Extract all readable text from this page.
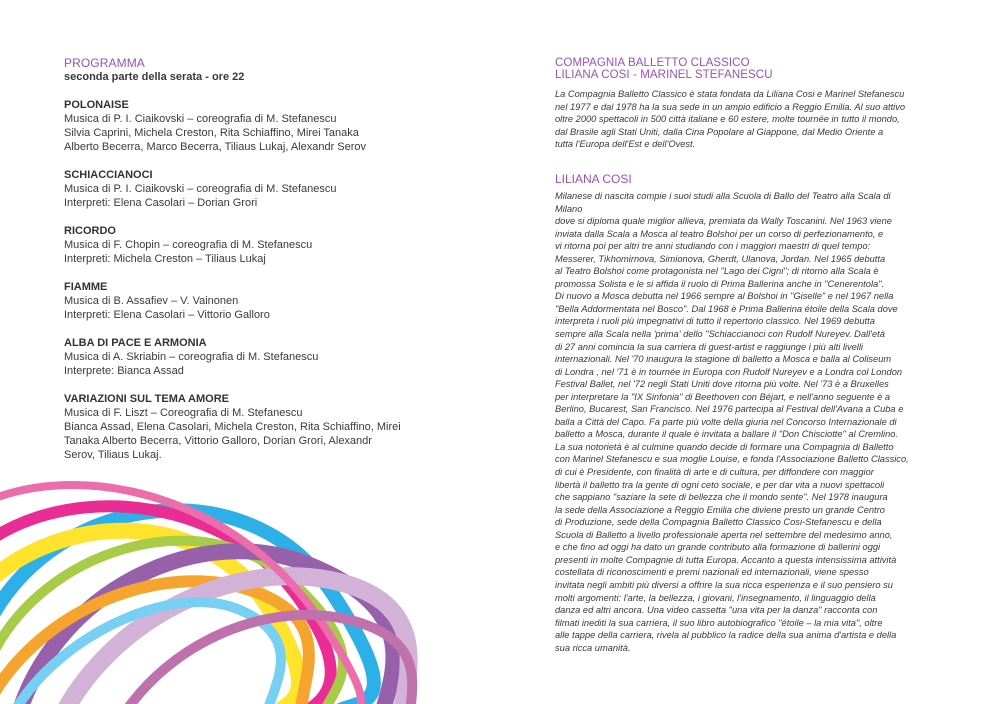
PROGRAMMA
seconda parte della serata - ore 22
POLONAISE
Musica di P. I. Ciaikovski – coreografia di M. Stefanescu
Silvia Caprini, Michela Creston, Rita Schiaffino, Mirei Tanaka
Alberto Becerra, Marco Becerra, Tiliaus Lukaj, Alexandr Serov
SCHIACCIANOCI
Musica di P. I. Ciaikovski – coreografia di M. Stefanescu
Interpreti: Elena Casolari – Dorian Grori
RICORDO
Musica di F. Chopin – coreografia di M. Stefanescu
Interpreti: Michela Creston – Tiliaus Lukaj
FIAMME
Musica di B. Assafiev – V. Vainonen
Interpreti: Elena Casolari – Vittorio Galloro
ALBA DI PACE E ARMONIA
Musica di A. Skriabin – coreografia di M. Stefanescu
Interprete: Bianca Assad
VARIAZIONI SUL TEMA AMORE
Musica di F. Liszt – Coreografia di M. Stefanescu
Bianca Assad, Elena Casolari, Michela Creston, Rita Schiaffino, Mirei
Tanaka Alberto Becerra, Vittorio Galloro, Dorian Grori, Alexandr
Serov, Tiliaus Lukaj.
COMPAGNIA BALLETTO CLASSICO
LILIANA COSI - MARINEL STEFANESCU
La Compagnia Balletto Classico è stata fondata da Liliana Cosi e Marinel Stefanescu
nel 1977 e dal 1978 ha la sua sede in un ampio edificio a Reggio Emilia. Al suo attivo
oltre 2000 spettacoli in 500 città italiane e 60 estere, molte tournée in tutto il mondo,
dal Brasile agli Stati Uniti, dalla Cina Popolare al Giappone, dal Medio Oriente a
tutta l'Europa dell'Est e dell'Ovest.
LILIANA COSI
Milanese di nascita compie i suoi studi alla Scuola di Ballo del Teatro alla Scala di
Milano
dove si diploma quale miglior allieva, premiata da Wally Toscanini. Nel 1963 viene
inviata dalla Scala a Mosca al teatro Bolshoi per un corso di perfezionamento, e
vi ritorna poi per altri tre anni studiando con i maggiori maestri di quel tempo:
Messerer, Tikhomirnova, Simionova, Gherdt, Ulanova, Jordan. Nel 1965 debutta
al Teatro Bolshoi come protagonista nel "Lago dei Cigni"; di ritorno alla Scala è
promossa Solista e le si affida il ruolo di Prima Ballerina anche in "Cenerentola".
Di nuovo a Mosca debutta nel 1966 sempre al Bolshoi in "Giselle" e nel 1967 nella
"Bella Addormentata nel Bosco". Dal 1968 è Prima Ballerina étoile della Scala dove
interpreta i ruoli più impegnativi di tutto il repertorio classico. Nel 1969 debutta
sempre alla Scala nella 'prima' dello "Schiaccianoci con Rudolf Nureyev. Dall'età
di 27 anni comincia la sua carriera di guest-artist e raggiunge i più alti livelli
internazionali. Nel '70 inaugura la stagione di balletto a Mosca e balla al Coliseum
di Londra , nel '71 è in tournée in Europa con Rudolf Nureyev e a Londra col London
Festival Ballet, nel '72 negli Stati Uniti dove ritorna più volte. Nel '73 è a Bruxelles
per interpretare la "IX Sinfonia" di Beethoven con Béjart, e nell'anno seguente è a
Berlino, Bucarest, San Francisco. Nel 1976 partecipa al Festival dell'Avana a Cuba e
balla a Città del Capo. Fa parte più volte della giuria nel Concorso Internazionale di
balletto a Mosca, durante il quale è invitata a ballare il "Don Chisciotte" al Cremlino.
La sua notorietà è al culmine quando decide di formare una Compagnia di Balletto
con Marinel Stefanescu e sua moglie Louise, e fonda l'Associazione Balletto Classico,
di cui è Presidente, con finalità di arte e di cultura, per diffondere con maggior
libertà il balletto tra la gente di ogni ceto sociale, e per dar vita a nuovi spettacoli
che sappiano "saziare la sete di bellezza che il mondo sente". Nel 1978 inaugura
la sede della Associazione a Reggio Emilia che diviene presto un grande Centro
di Produzione, sede della Compagnia Balletto Classico Cosi-Stefanescu e della
Scuola di Balletto a livello professionale aperta nel settembre del medesimo anno,
e che fino ad oggi ha dato un grande contributo alla formazione di ballerini oggi
presenti in molte Compagnie di tutta Europa. Accanto a questa intensissima attività
costellata di riconoscimenti e premi nazionali ed internazionali, viene spesso
invitata negli ambiti più diversi a offrire la sua ricca esperienza e il suo pensiero su
molti argomenti: l'arte, la bellezza, i giovani, l'insegnamento, il linguaggio della
danza ed altri ancora. Una video cassetta "una vita per la danza" racconta con
filmati inediti la sua carriera, il suo libro autobiografico "étoile – la mia vita", oltre
alle tappe della carriera, rivela al pubblico la radice della sua anima d'artista e della
sua ricca umanità.
